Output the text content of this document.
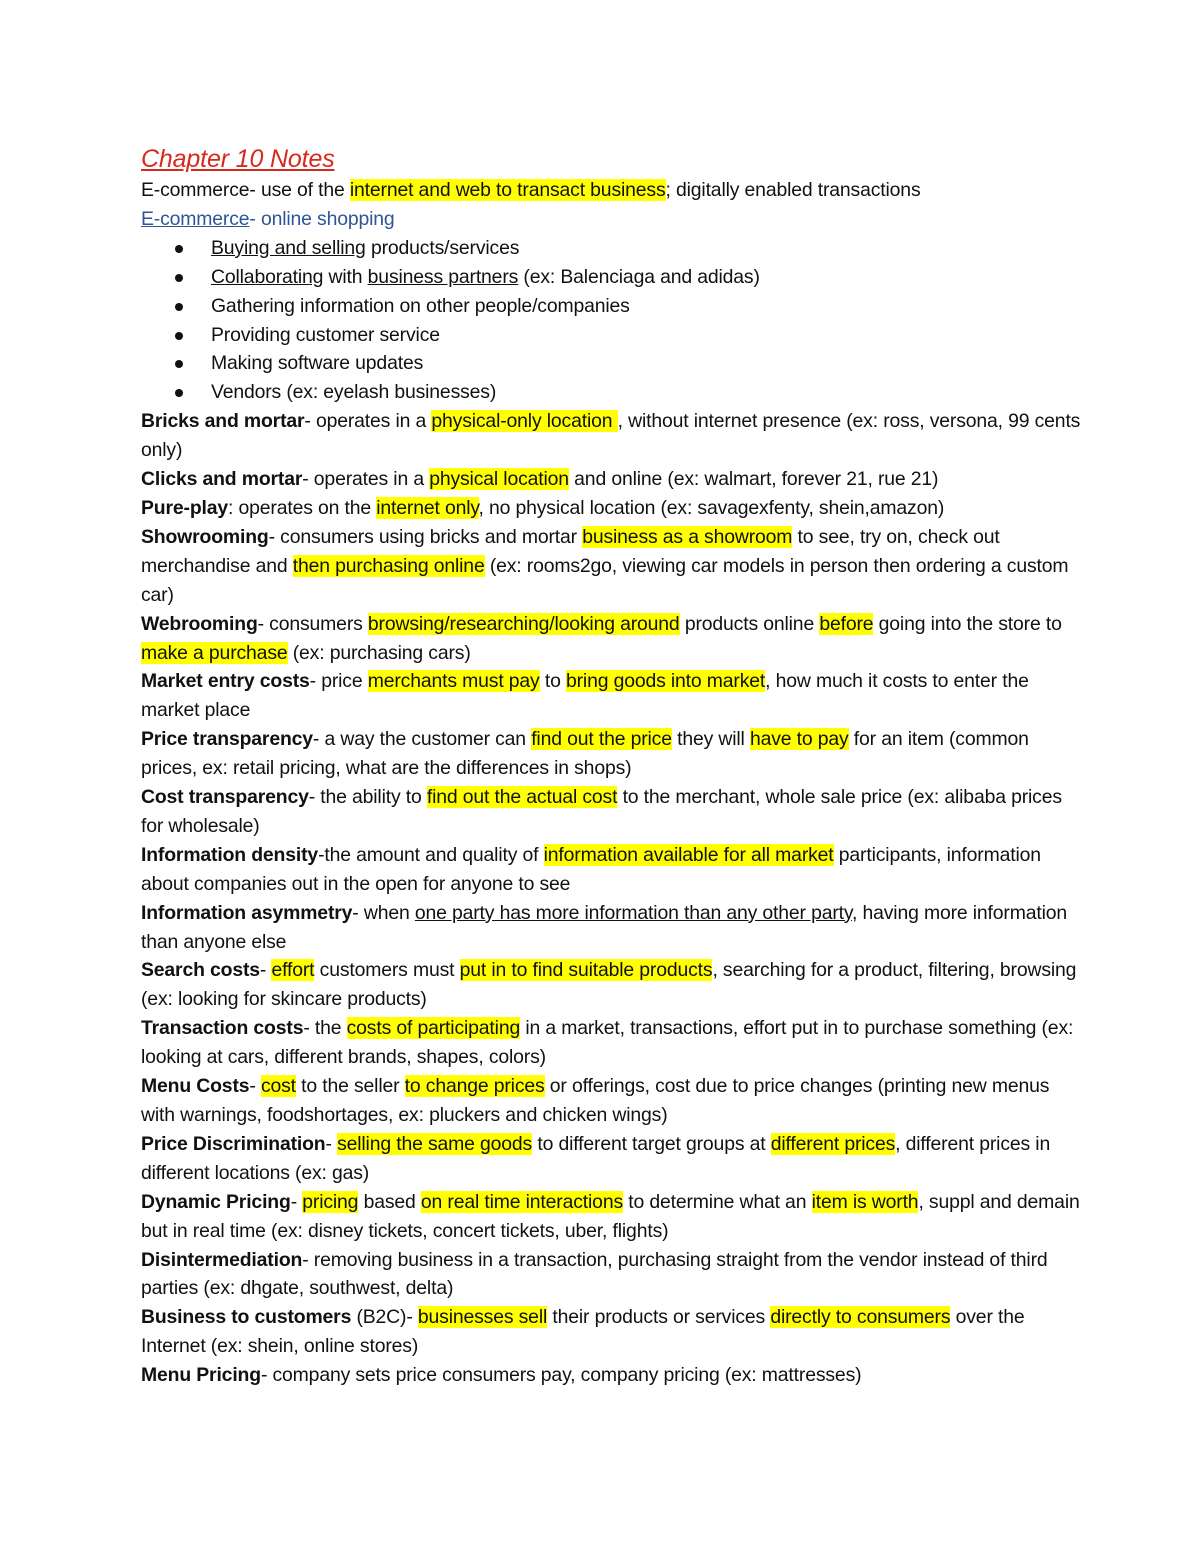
Chapter 10 Notes
E-commerce- use of the internet and web to transact business; digitally enabled transactions
E-commerce- online shopping
Buying and selling products/services
Collaborating with business partners (ex: Balenciaga and adidas)
Gathering information on other people/companies
Providing customer service
Making software updates
Vendors (ex: eyelash businesses)
Bricks and mortar- operates in a physical-only location , without internet presence (ex: ross, versona, 99 cents only)
Clicks and mortar- operates in a physical location and online (ex: walmart, forever 21, rue 21)
Pure-play: operates on the internet only, no physical location (ex: savagexfenty, shein,amazon)
Showrooming- consumers using bricks and mortar business as a showroom to see, try on, check out merchandise and then purchasing online (ex: rooms2go, viewing car models in person then ordering a custom car)
Webrooming- consumers browsing/researching/looking around products online before going into the store to make a purchase (ex: purchasing cars)
Market entry costs- price merchants must pay to bring goods into market, how much it costs to enter the market place
Price transparency- a way the customer can find out the price they will have to pay for an item (common prices, ex: retail pricing, what are the differences in shops)
Cost transparency- the ability to find out the actual cost to the merchant, whole sale price (ex: alibaba prices for wholesale)
Information density-the amount and quality of information available for all market participants, information about companies out in the open for anyone to see
Information asymmetry- when one party has more information than any other party, having more information than anyone else
Search costs- effort customers must put in to find suitable products, searching for a product, filtering, browsing (ex: looking for skincare products)
Transaction costs- the costs of participating in a market, transactions, effort put in to purchase something (ex: looking at cars, different brands, shapes, colors)
Menu Costs- cost to the seller to change prices or offerings, cost due to price changes (printing new menus with warnings, foodshortages, ex: pluckers and chicken wings)
Price Discrimination- selling the same goods to different target groups at different prices, different prices in different locations (ex: gas)
Dynamic Pricing- pricing based on real time interactions to determine what an item is worth, suppl and demain but in real time (ex: disney tickets, concert tickets, uber, flights)
Disintermediation- removing business in a transaction, purchasing straight from the vendor instead of third parties (ex: dhgate, southwest, delta)
Business to customers (B2C)- businesses sell their products or services directly to consumers over the Internet (ex: shein, online stores)
Menu Pricing- company sets price consumers pay, company pricing (ex: mattresses)
